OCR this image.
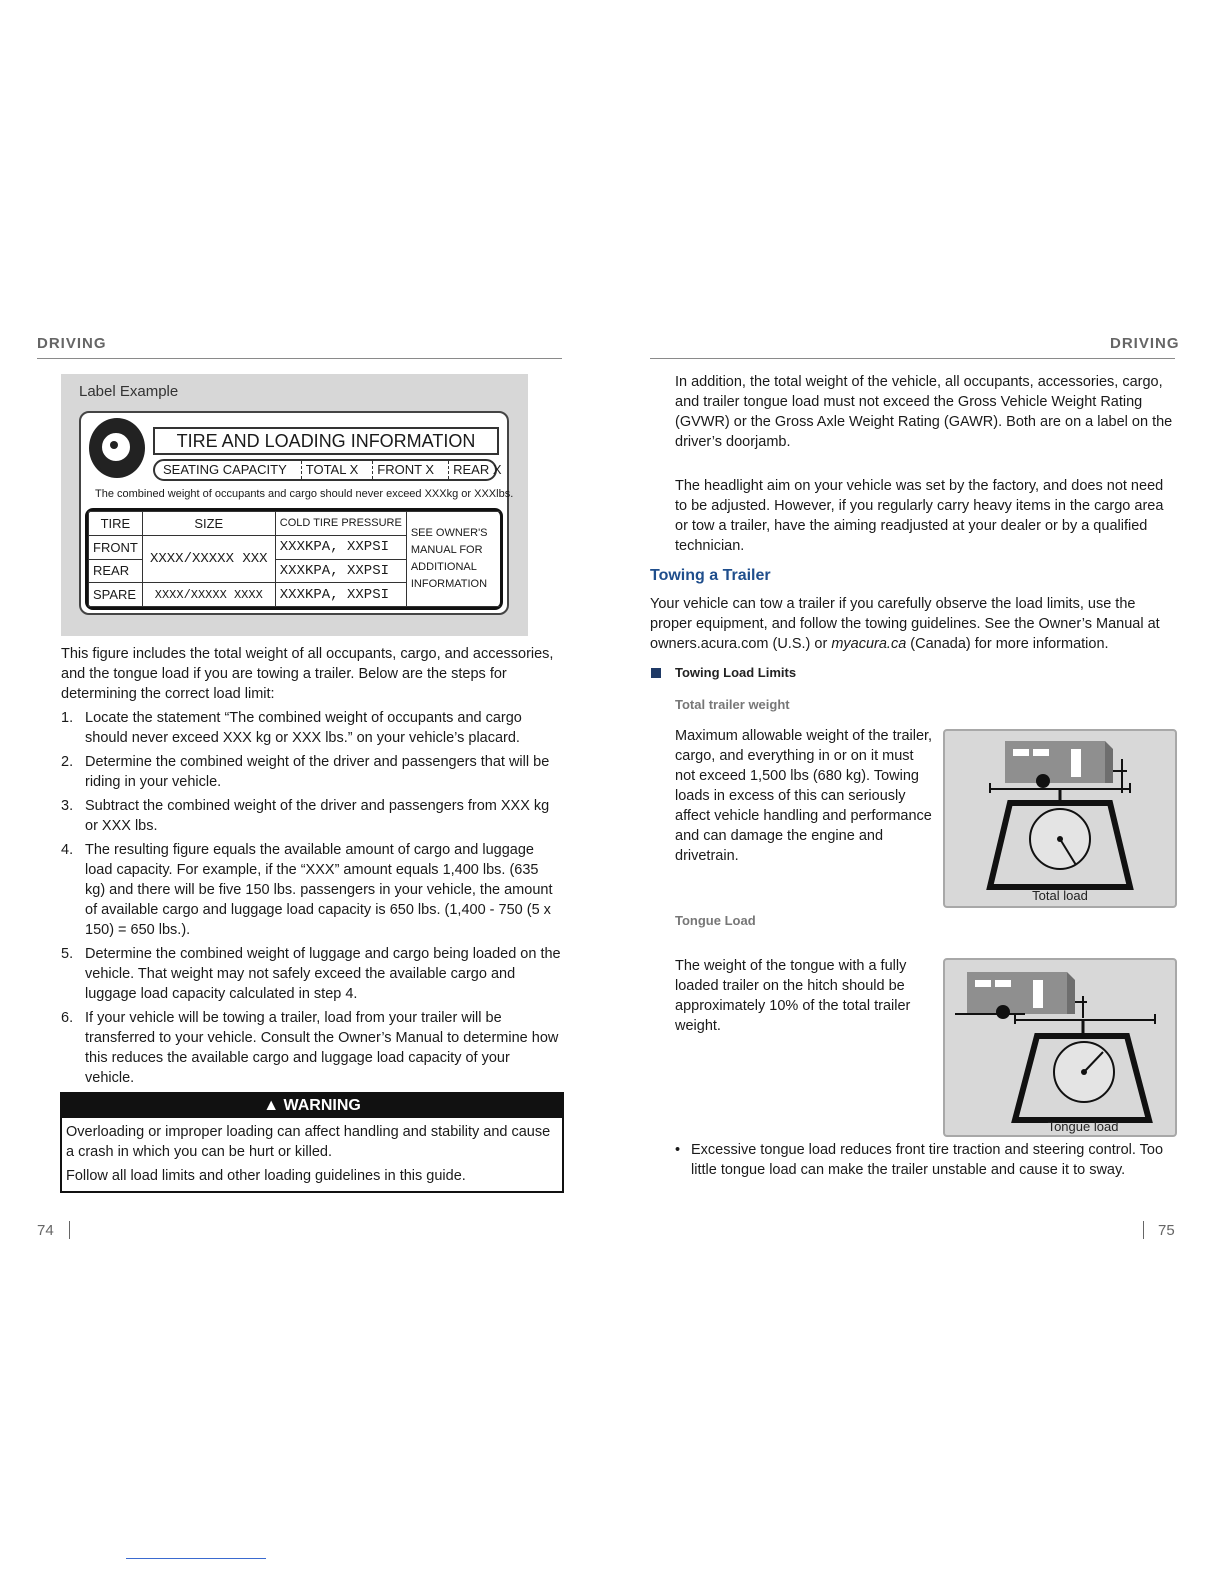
DRIVING
Label Example
TIRE AND LOADING INFORMATION
SEATING CAPACITY	TOTAL X	FRONT X	REAR X
The combined weight of occupants and cargo should never exceed XXXkg or XXXlbs.
TIRE	SIZE	COLD TIRE PRESSURE	SEE OWNER'S
MANUAL FOR
ADDITIONAL
INFORMATION

FRONT	XXXX/XXXXX XXX	XXXKPA, XXPSI	
REAR		XXXKPA, XXPSI	
SPARE	XXXX/XXXXX XXXX	XXXKPA, XXPSI	

This figure includes the total weight of all occupants, cargo, and accessories, and the tongue load if you are towing a trailer. Below are the steps for determining the correct load limit:

1. Locate the statement “The combined weight of occupants and cargo should never exceed XXX kg or XXX lbs.” on your vehicle’s placard.
2. Determine the combined weight of the driver and passengers that will be riding in your vehicle.
3. Subtract the combined weight of the driver and passengers from XXX kg or XXX lbs.
4. The resulting figure equals the available amount of cargo and luggage load capacity. For example, if the “XXX” amount equals 1,400 lbs. (635 kg) and there will be five 150 lbs. passengers in your vehicle, the amount of available cargo and luggage load capacity is 650 lbs. (1,400 - 750 (5 x 150) = 650 lbs.).
5. Determine the combined weight of luggage and cargo being loaded on the vehicle. That weight may not safely exceed the available cargo and luggage load capacity calculated in step 4.
6. If your vehicle will be towing a trailer, load from your trailer will be transferred to your vehicle. Consult the Owner’s Manual to determine how this reduces the available cargo and luggage load capacity of your vehicle.
▲ WARNING
Overloading or improper loading can affect handling and stability and cause a crash in which you can be hurt or killed.
Follow all load limits and other loading guidelines in this guide.
74
DRIVING

In addition, the total weight of the vehicle, all occupants, accessories, cargo, and trailer tongue load must not exceed the Gross Vehicle Weight Rating (GVWR) or the Gross Axle Weight Rating (GAWR). Both are on a label on the driver’s doorjamb.

The headlight aim on your vehicle was set by the factory, and does not need to be adjusted. However, if you regularly carry heavy items in the cargo area or tow a trailer, have the aiming readjusted at your dealer or by a qualified technician.

Towing a Trailer

Your vehicle can tow a trailer if you carefully observe the load limits, use the proper equipment, and follow the towing guidelines. See the Owner’s Manual at owners.acura.com (U.S.) or myacura.ca (Canada) for more information.

Towing Load Limits
Total trailer weight

Maximum allowable weight of the trailer, cargo, and everything in or on it must not exceed 1,500 lbs (680 kg). Towing loads in excess of this can seriously affect vehicle handling and performance and can damage the engine and drivetrain.

Total load
Tongue Load

The weight of the tongue with a fully loaded trailer on the hitch should be approximately 10% of the total trailer weight.

Tongue load
• Excessive tongue load reduces front tire traction and steering control. Too little tongue load can make the trailer unstable and cause it to sway.
75
